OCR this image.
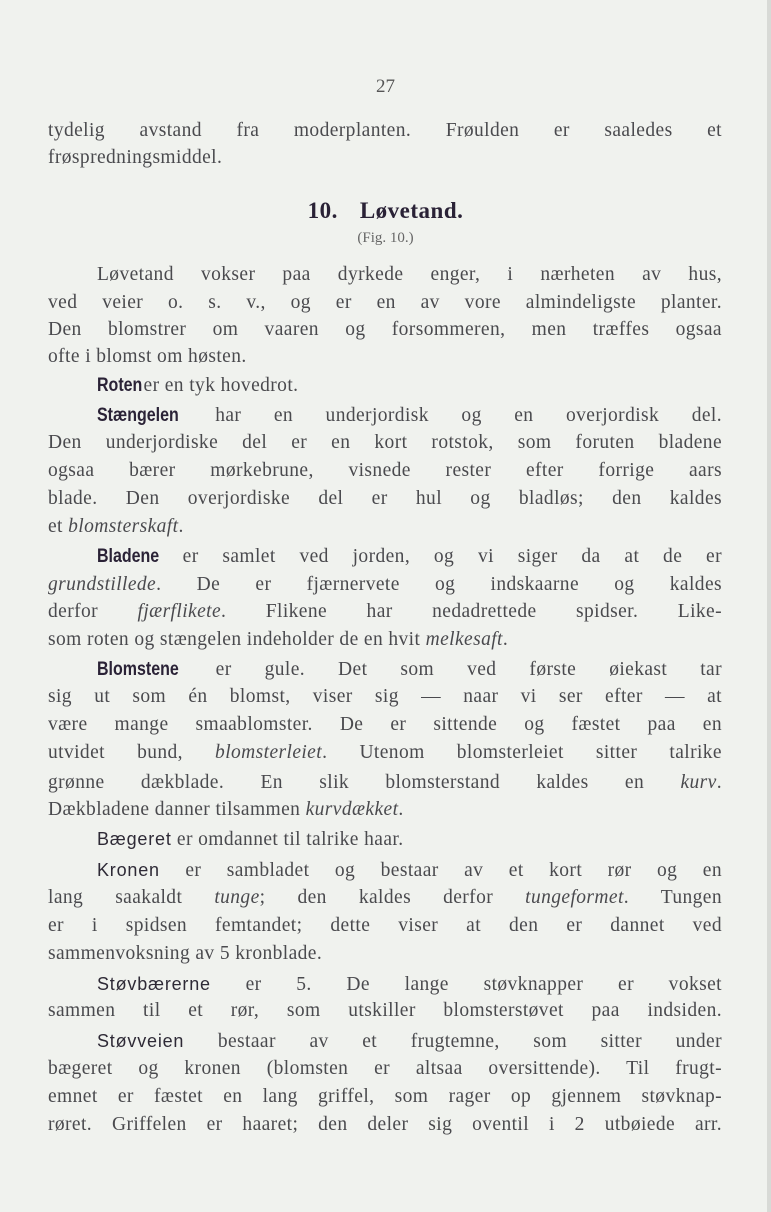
27
10. Løvetand.
(Fig. 10.)
tydelig avstand fra moderplanten. Frøulden er saaledes et
frøspredningsmiddel.
Løvetand vokser paa dyrkede enger, i nærheten av hus,
ved veier o. s. v., og er en av vore almindeligste planter.
Den blomstrer om vaaren og forsommeren, men træffes ogsaa
ofte i blomst om høsten.
Roten er en tyk hovedrot.
Stængelen har en underjordisk og en overjordisk del.
Den underjordiske del er en kort rotstok, som foruten bladene
ogsaa bærer mørkebrune, visnede rester efter forrige aars
blade. Den overjordiske del er hul og bladløs; den kaldes
et blomsterskaft.
Bladene er samlet ved jorden, og vi siger da at de er
grundstillede. De er fjærnervete og indskaarne og kaldes
derfor fjærflikete. Flikene har nedadrettede spidser. Like-
som roten og stængelen indeholder de en hvit melkesaft.
Blomstene er gule. Det som ved første øiekast tar
sig ut som én blomst, viser sig — naar vi ser efter — at
være mange smaablomster. De er sittende og fæstet paa en
utvidet bund, blomsterleiet. Utenom blomsterleiet sitter talrike
grønne dækblade. En slik blomsterstand kaldes en kurv.
Dækbladene danner tilsammen kurvdækket.
Bægeret er omdannet til talrike haar.
Kronen er sambladet og bestaar av et kort rør og en
lang saakaldt tunge; den kaldes derfor tungeformet. Tungen
er i spidsen femtandet; dette viser at den er dannet ved
sammenvoksning av 5 kronblade.
Støvbærerne er 5. De lange støvknapper er vokset
sammen til et rør, som utskiller blomsterstøvet paa indsiden.
Støvveien bestaar av et frugtemne, som sitter under
bægeret og kronen (blomsten er altsaa oversittende). Til frugt-
emnet er fæstet en lang griffel, som rager op gjennem støvknap-
røret. Griffelen er haaret; den deler sig oventil i 2 utbøiede arr.
